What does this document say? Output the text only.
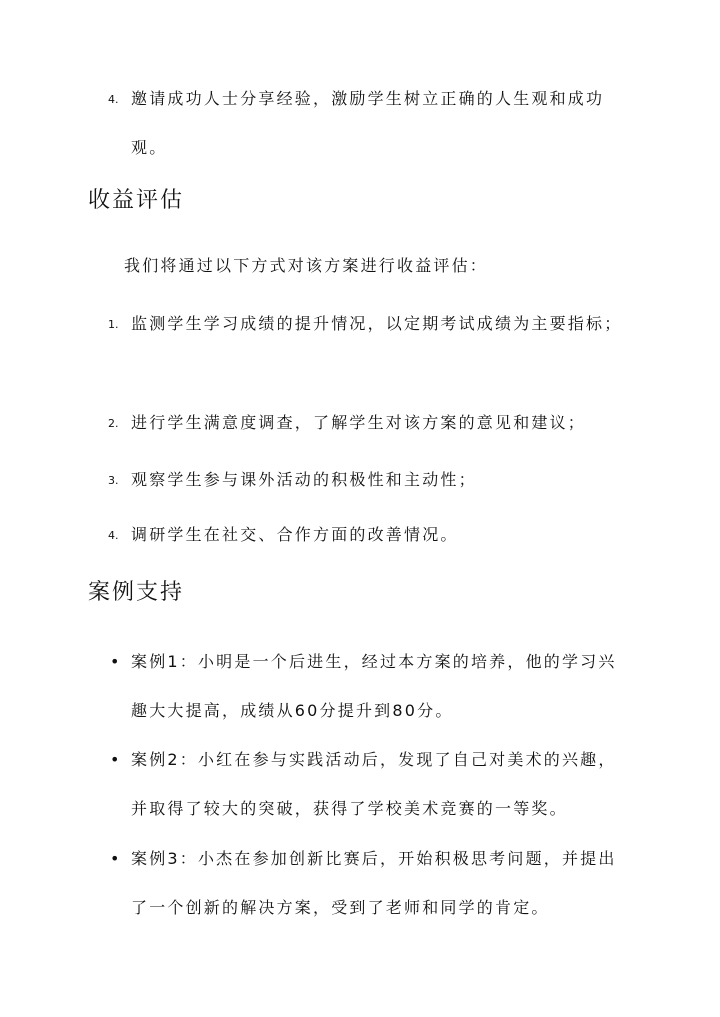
4. 邀请成功人士分享经验，激励学生树立正确的人生观和成功观。
收益评估
我们将通过以下方式对该方案进行收益评估：
1. 监测学生学习成绩的提升情况，以定期考试成绩为主要指标；
2. 进行学生满意度调查，了解学生对该方案的意见和建议；
3. 观察学生参与课外活动的积极性和主动性；
4. 调研学生在社交、合作方面的改善情况。
案例支持
• 案例1：小明是一个后进生，经过本方案的培养，他的学习兴趣大大提高，成绩从60分提升到80分。
• 案例2：小红在参与实践活动后，发现了自己对美术的兴趣，并取得了较大的突破，获得了学校美术竞赛的一等奖。
• 案例3：小杰在参加创新比赛后，开始积极思考问题，并提出了一个创新的解决方案，受到了老师和同学的肯定。
